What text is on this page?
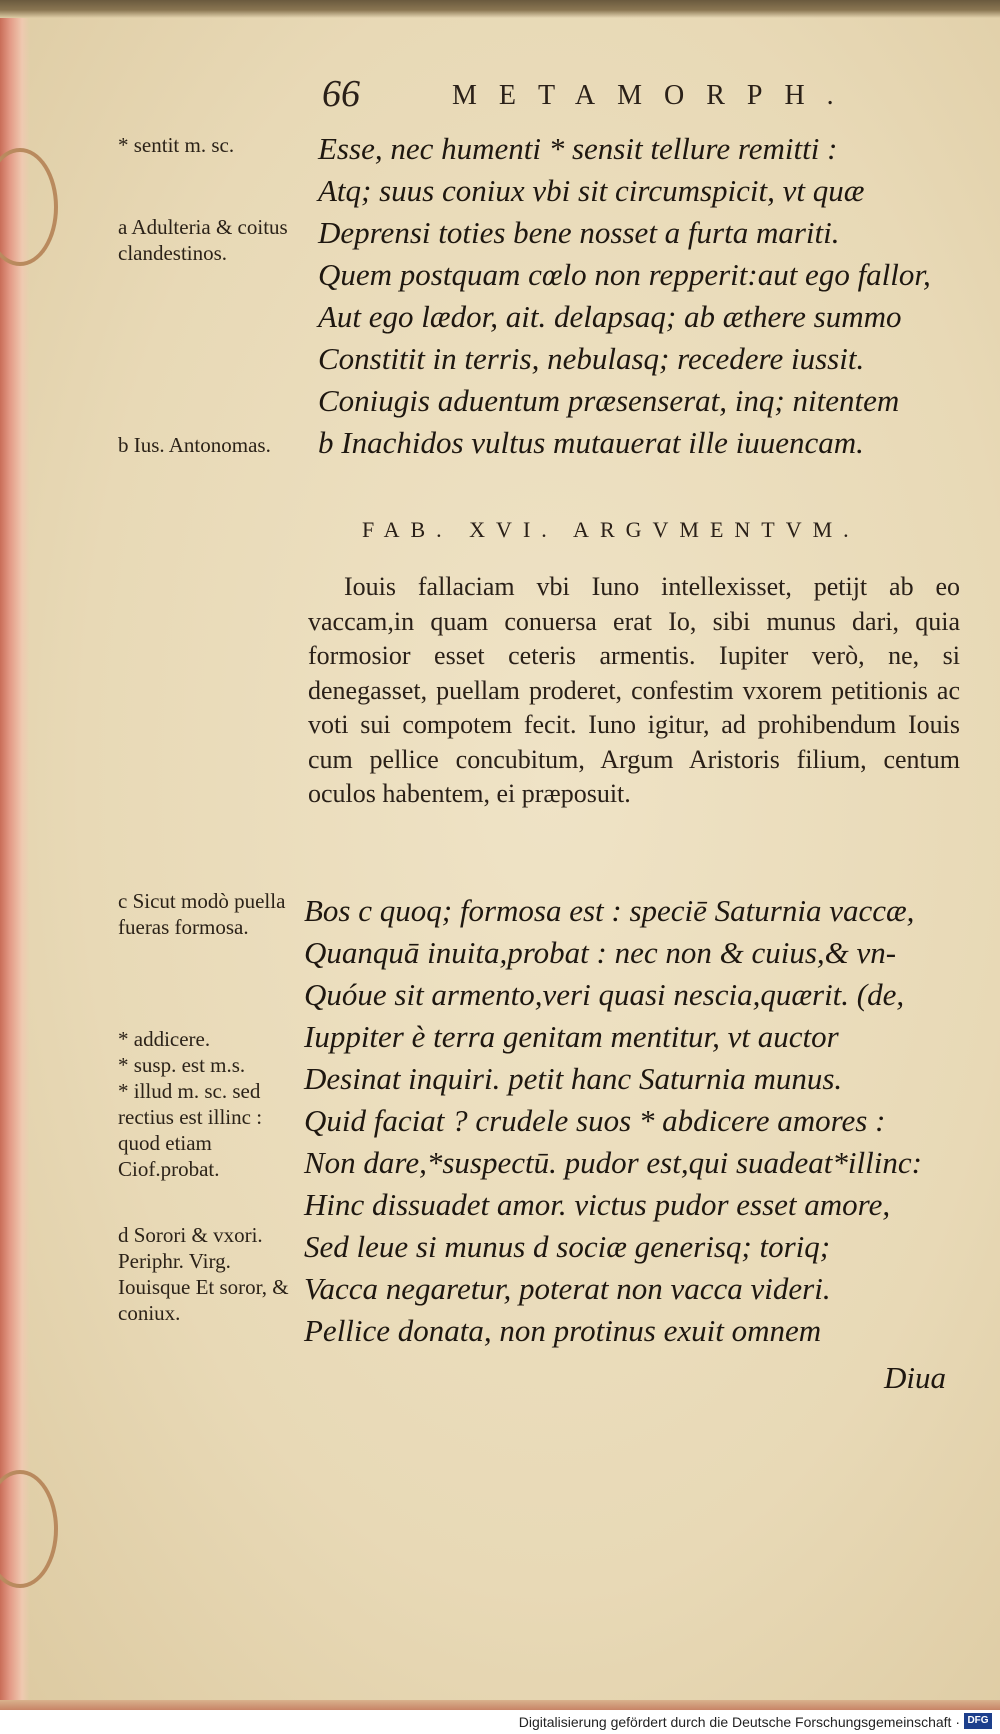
66	METAMORPH.
Esse, nec humenti * sensit tellure remitti :
Atq; suus coniux vbi sit circumspicit, vt quæ
Deprensi toties bene nosset a furta mariti.
Quem postquam cœlo non repperit:aut ego fallor,
Aut ego lædor, ait. delapsaq; ab æthere summo
Constitit in terris, nebulasq; recedere iussit.
Coniugis aduentum præsenserat, inq; nitentem
b Inachidos vultus mutauerat ille iuuencam.
* sentit m. sc.
a Adulteria & coitus clandestinos.
b Ius. Antonomas.
FAB. XVI. ARGVMENTVM.

Iouis fallaciam vbi Iuno intellexisset, petijt ab eo vaccam,in quam conuersa erat Io, sibi munus dari, quia formosior esset ceteris armentis. Iupiter verò, ne, si denegasset, puellam proderet, confestim vxorem petitionis ac voti sui compotem fecit. Iuno igitur, ad prohibendum Iouis cum pellice concubitum, Argum Aristoris filium, centum oculos habentem, ei præposuit.

Bos c quoq; formosa est : speciē Saturnia vaccæ,
Quanquā inuita,probat : nec non & cuius,& vn-
Quóue sit armento,veri quasi nescia,quærit. (de,
Iuppiter è terra genitam mentitur, vt auctor
Desinat inquiri. petit hanc Saturnia munus.
Quid faciat ? crudele suos * abdicere amores :
Non dare,*suspectū. pudor est,qui suadeat*illinc:
Hinc dissuadet amor. victus pudor esset amore,
Sed leue si munus d sociæ generisq; toriq;
Vacca negaretur, poterat non vacca videri.
Pellice donata, non protinus exuit omnem
c Sicut modò puella fueras formosa.
* addicere.
* susp. est m.s.
* illud m. sc. sed rectius est illinc : quod etiam Ciof.probat.
d Sorori & vxori. Periphr. Virg. Iouisque Et soror, & coniux.
Diua
Digitalisierung gefördert durch die Deutsche Forschungsgemeinschaft · DFG
